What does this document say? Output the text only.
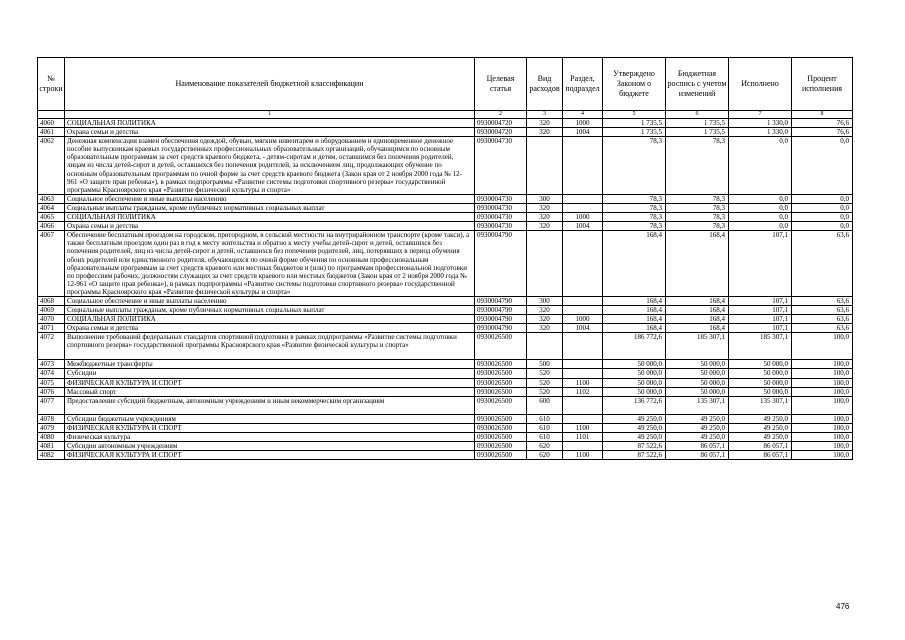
№ строки	Наименование показателей бюджетной классификации	Целевая статья	Вид расходов	Раздел, подраздел	Утверждено Законом о бюджете	Бюджетная роспись с учетом изменений	Исполнено	Процент исполнения
	1	2	3	4	5	6	7	8
4060	СОЦИАЛЬНАЯ ПОЛИТИКА	0930004720	320	1000	1 735,5	1 735,5	1 330,0	76,6
4061	Охрана семьи и детства	0930004720	320	1004	1 735,5	1 735,5	1 330,0	76,6
4062	Денежная компенсация взамен обеспечения одеждой, обувью, мягким инвентарем и оборудованием и единовременное денежное пособие выпускникам краевых государственных профессиональных образовательных организаций, обучающимся по основным образовательным программам за счет средств краевого бюджета, - детям-сиротам и детям, оставшимся без попечения родителей, лицам из числа детей-сирот и детей, оставшихся без попечения родителей, за исключением лиц, продолжающих обучение по основным образовательным программам по очной форме за счет средств краевого бюджета (Закон края от 2 ноября 2000 года № 12-961 «О защите прав ребенка»), в рамках подпрограммы «Развитие системы подготовки спортивного резерва» государственной программы Красноярского края «Развитие физической культуры и спорта»	0930004730			78,3	78,3	0,0	0,0
4063	Социальное обеспечение и иные выплаты населению	0930004730	300		78,3	78,3	0,0	0,0
4064	Социальные выплаты гражданам, кроме публичных нормативных социальных выплат	0930004730	320		78,3	78,3	0,0	0,0
4065	СОЦИАЛЬНАЯ ПОЛИТИКА	0930004730	320	1000	78,3	78,3	0,0	0,0
4066	Охрана семьи и детства	0930004730	320	1004	78,3	78,3	0,0	0,0
4067	Обеспечение бесплатным проездом на городском, пригородном, в сельской местности на внутрирайонном транспорте (кроме такси), а также бесплатным проездом один раз в год к месту жительства и обратно к месту учебы детей-сирот и детей, оставшихся без попечения родителей, лиц из числа детей-сирот и детей, оставшихся без попечения родителей, лиц, потерявших в период обучения обоих родителей или единственного родителя, обучающихся по очной форме обучения по основным профессиональным образовательным программам за счет средств краевого или местных бюджетов и (или) по программам профессиональной подготовки по профессиям рабочих, должностям служащих за счет средств краевого или местных бюджетов (Закон края от 2 ноября 2000 года № 12-961 «О защите прав ребенка»), в рамках подпрограммы «Развитие системы подготовки спортивного резерва» государственной программы Красноярского края «Развитие физической культуры и спорта»	0930004790			168,4	168,4	107,1	63,6
4068	Социальное обеспечение и иные выплаты населению	0930004790	300		168,4	168,4	107,1	63,6
4069	Социальные выплаты гражданам, кроме публичных нормативных социальных выплат	0930004790	320		168,4	168,4	107,1	63,6
4070	СОЦИАЛЬНАЯ ПОЛИТИКА	0930004790	320	1000	168,4	168,4	107,1	63,6
4071	Охрана семьи и детства	0930004790	320	1004	168,4	168,4	107,1	63,6
4072	Выполнение требований федеральных стандартов спортивной подготовки в рамках подпрограммы «Развитие системы подготовки спортивного резерва» государственной программы Красноярского края «Развитие физической культуры и спорта»	0930026500			186 772,6	185 307,1	185 307,1	100,0
4073	Межбюджетные трансферты	0930026500	500		50 000,0	50 000,0	50 000,0	100,0
4074	Субсидии	0930026500	520		50 000,0	50 000,0	50 000,0	100,0
4075	ФИЗИЧЕСКАЯ КУЛЬТУРА И СПОРТ	0930026500	520	1100	50 000,0	50 000,0	50 000,0	100,0
4076	Массовый спорт	0930026500	520	1102	50 000,0	50 000,0	50 000,0	100,0
4077	Предоставление субсидий бюджетным, автономным учреждениям и иным некоммерческим организациям	0930026500	600		136 772,6	135 307,1	135 307,1	100,0
4078	Субсидии бюджетным учреждениям	0930026500	610		49 250,0	49 250,0	49 250,0	100,0
4079	ФИЗИЧЕСКАЯ КУЛЬТУРА И СПОРТ	0930026500	610	1100	49 250,0	49 250,0	49 250,0	100,0
4080	Физическая культура	0930026500	610	1101	49 250,0	49 250,0	49 250,0	100,0
4081	Субсидии автономным учреждениям	0930026500	620		87 522,6	86 057,1	86 057,1	100,0
4082	ФИЗИЧЕСКАЯ КУЛЬТУРА И СПОРТ	0930026500	620	1100	87 522,6	86 057,1	86 057,1	100,0
476
